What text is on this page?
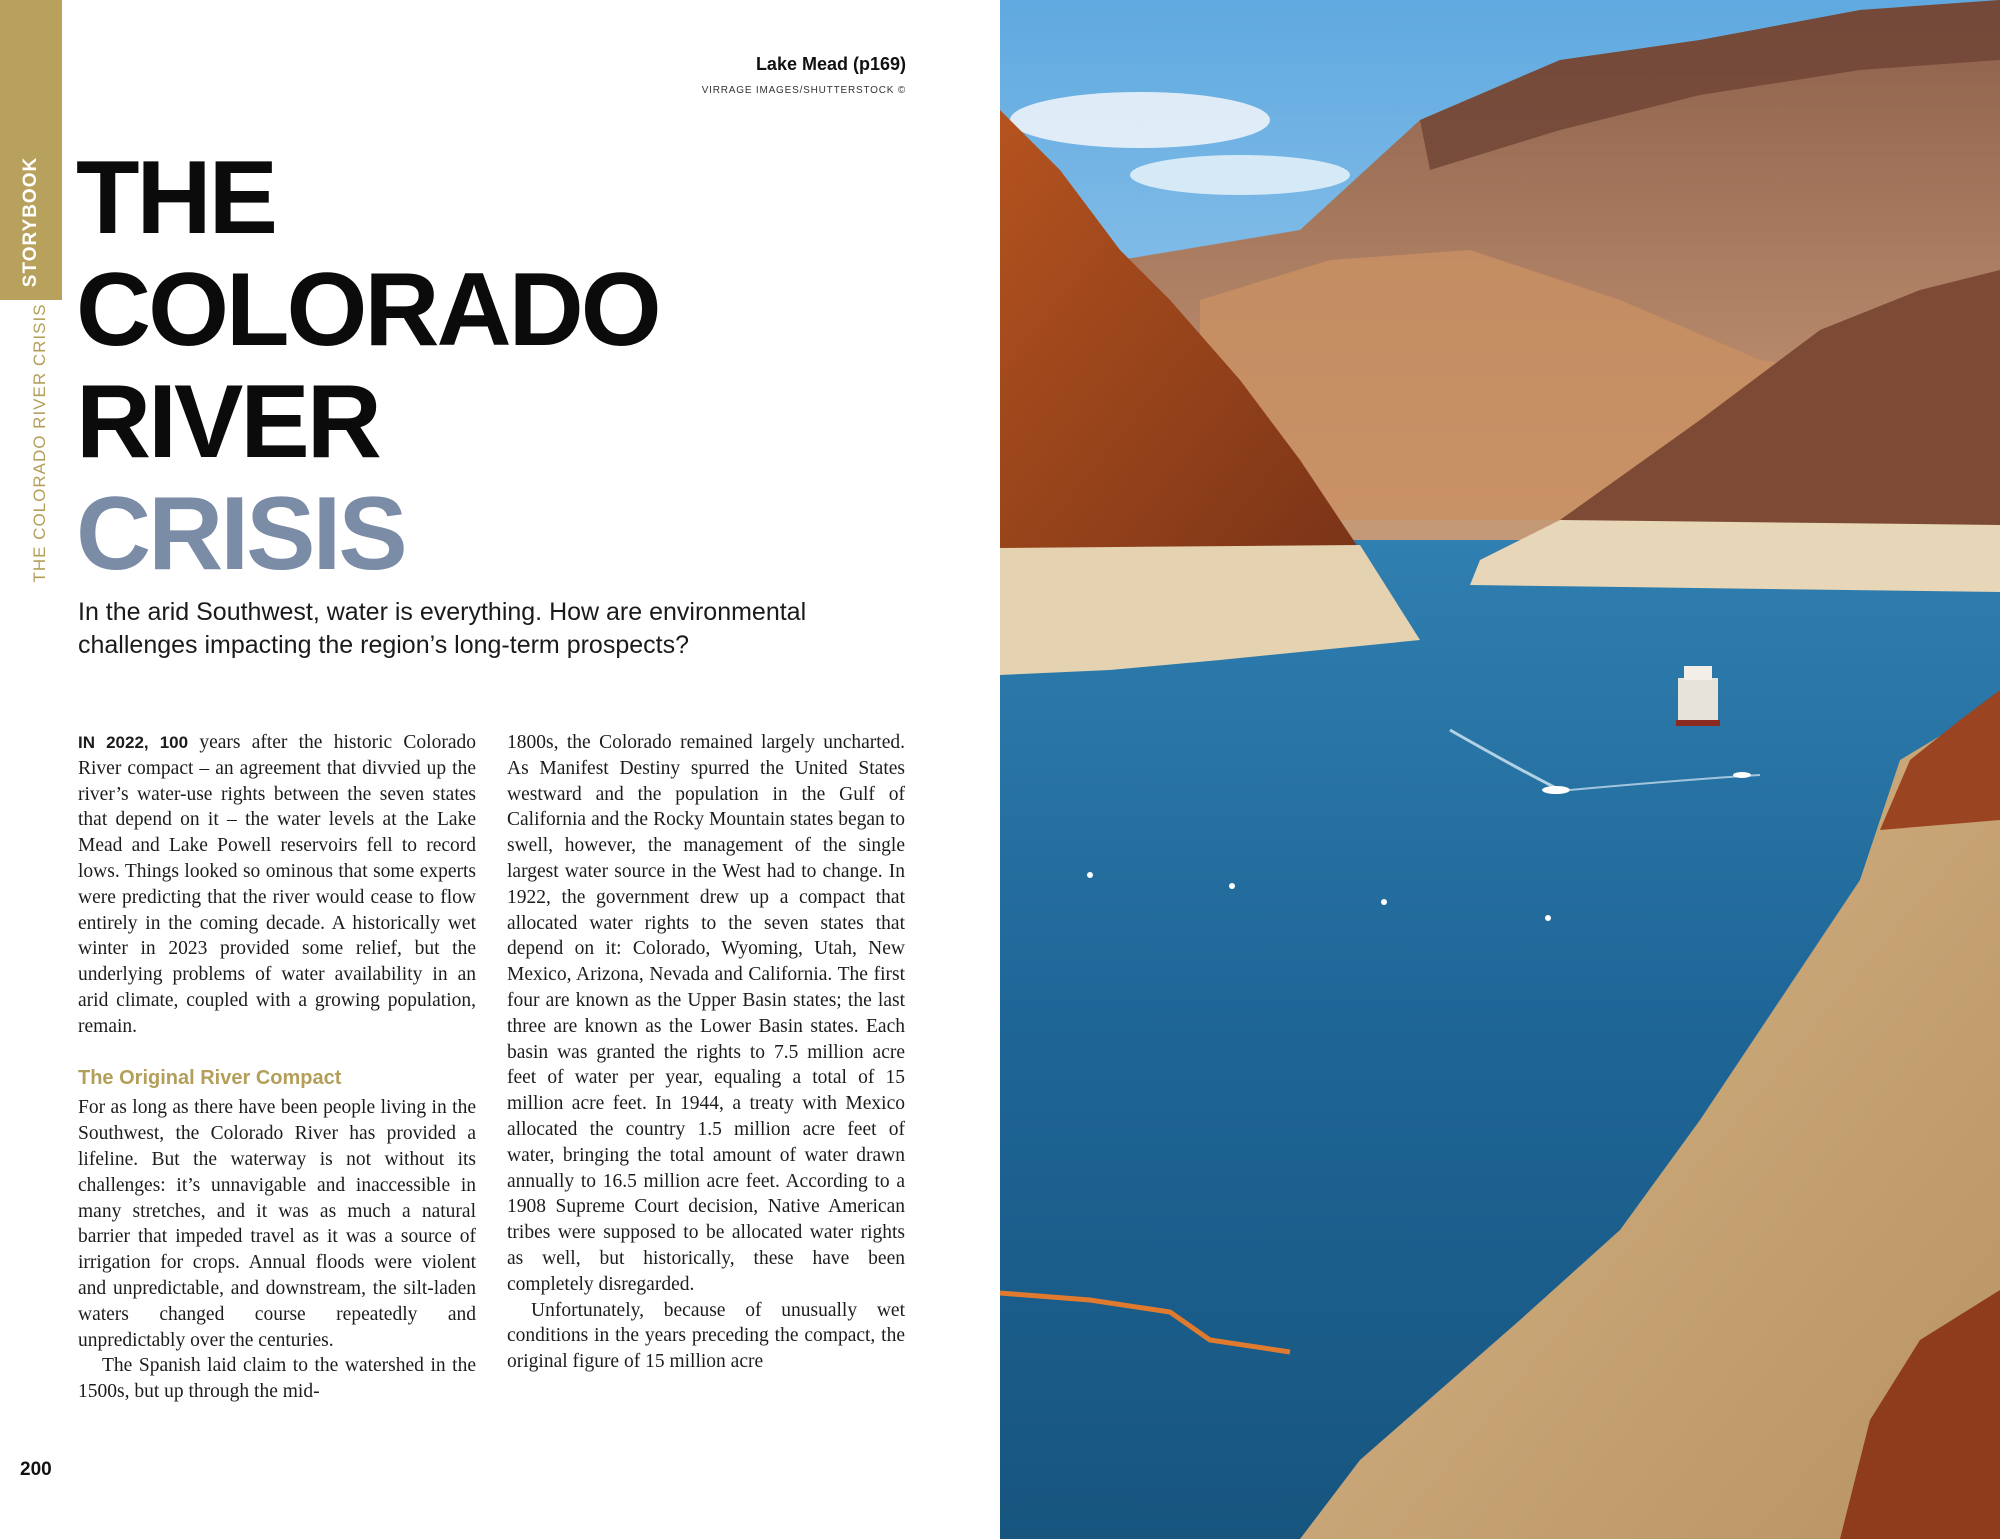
STORYBOOK
THE COLORADO RIVER CRISIS
Lake Mead (p169)
VIRRAGE IMAGES/SHUTTERSTOCK ©
THE
COLORADO
RIVER
CRISIS

In the arid Southwest, water is everything. How are environmental challenges impacting the region’s long-term prospects?

IN 2022, 100 years after the historic Colorado River compact – an agreement that divvied up the river’s water-use rights between the seven states that depend on it – the water levels at the Lake Mead and Lake Powell reservoirs fell to record lows. Things looked so ominous that some experts were predicting that the river would cease to flow entirely in the coming decade. A historically wet winter in 2023 provided some relief, but the underlying problems of water availability in an arid climate, coupled with a growing population, remain.

The Original River Compact

For as long as there have been people living in the Southwest, the Colorado River has provided a lifeline. But the waterway is not without its challenges: it’s unnavigable and inaccessible in many stretches, and it was as much a natural barrier that impeded travel as it was a source of irrigation for crops. Annual floods were violent and unpredictable, and downstream, the silt-laden waters changed course repeatedly and unpredictably over the centuries.

The Spanish laid claim to the watershed in the 1500s, but up through the mid-

1800s, the Colorado remained largely uncharted. As Manifest Destiny spurred the United States westward and the population in the Gulf of California and the Rocky Mountain states began to swell, however, the management of the single largest water source in the West had to change. In 1922, the government drew up a compact that allocated water rights to the seven states that depend on it: Colorado, Wyoming, Utah, New Mexico, Arizona, Nevada and California. The first four are known as the Upper Basin states; the last three are known as the Lower Basin states. Each basin was granted the rights to 7.5 million acre feet of water per year, equaling a total of 15 million acre feet. In 1944, a treaty with Mexico allocated the country 1.5 million acre feet of water, bringing the total amount of water drawn annually to 16.5 million acre feet. According to a 1908 Supreme Court decision, Native American tribes were supposed to be allocated water rights as well, but historically, these have been completely disregarded.

Unfortunately, because of unusually wet conditions in the years preceding the compact, the original figure of 15 million acre

200
